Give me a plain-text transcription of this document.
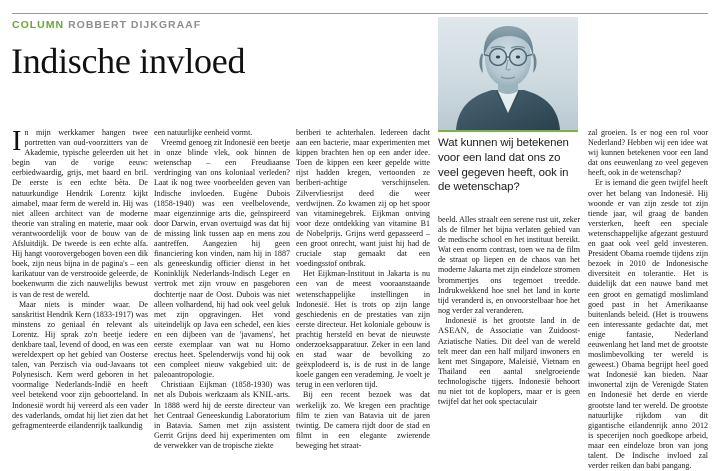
COLUMN ROBBERT DIJKGRAAF
Indische invloed
Wat kunnen wij betekenen voor een land dat ons zo veel gegeven heeft, ook in de wetenschap?

In mijn werkkamer hangen twee portretten van oud-voorzitters van de Akademie, typische geleerden uit het begin van de vorige eeuw: eerbiedwaardig, grijs, met baard en bril. De eerste is een echte bèta. De natuurkundige Hendrik Lorentz kijkt aimabel, maar ferm de wereld in. Hij was niet alleen architect van de moderne theorie van straling en materie, maar ook verantwoordelijk voor de bouw van de Afsluitdijk. De tweede is een echte alfa. Hij hangt voorovergebogen boven een dik boek, zijn neus bijna in de pagina's – een karikatuur van de verstrooide geleerde, de boekenwurm die zich nauwelijks bewust is van de rest de wereld.

Maar niets is minder waar. De sanskritist Hendrik Kern (1833-1917) was minstens zo geniaal én relevant als Lorentz. Hij sprak zo'n beetje iedere denkbare taal, levend of dood, en was een wereldexpert op het gebied van Oosterse talen, van Perzisch via oud-Javaans tot Polynesisch. Kern werd geboren in het voormalige Nederlands-Indië en heeft veel betekend voor zijn geboorteland. In Indonesië wordt hij vereerd als een vader des vaderlands, omdat hij liet zien dat het gefragmenteerde eilandenrijk taalkundig

een natuurlijke eenheid vormt.

Vreemd genoeg zit Indonesië een beetje in onze blinde vlek, ook binnen de wetenschap – een Freudiaanse verdringing van ons koloniaal verleden? Laat ik nog twee voorbeelden geven van Indische invloeden. Eugène Dubois (1858-1940) was een veelbelovende, maar eigenzinnige arts die, geïnspireerd door Darwin, ervan overtuigd was dat hij de missing link tussen aap en mens zou aantreffen. Aangezien hij geen financiering kon vinden, nam hij in 1887 als geneeskundig officier dienst in het Koninklijk Nederlands-Indisch Leger en vertrok met zijn vrouw en pasgeboren dochtertje naar de Oost. Dubois was niet alleen volhardend, hij had ook veel geluk met zijn opgravingen. Het vond uiteindelijk op Java een schedel, een kies en een dijbeen van de 'javamens', het eerste exemplaar van wat nu Homo erectus heet. Spelenderwijs vond hij ook een compleet nieuw vakgebied uit: de paleoantropologie.

Christiaan Eijkman (1858-1930) was net als Dubois werkzaam als KNIL-arts. In 1888 werd hij de eerste directeur van het Centraal Geneeskundig Laboratorium in Batavia. Samen met zijn assistent Gerrit Grijns deed hij experimenten om de verwekker van de tropische ziekte

beriberi te achterhalen. Iedereen dacht aan een bacterie, maar experimenten met kippen brachten hen op een ander idee. Toen de kippen een keer gepelde witte rijst hadden kregen, vertoonden ze beriberi-achtige verschijnselen. Zilvervliesrijst deed die weer verdwijnen. Zo kwamen zij op het spoor van vitaminegebrek. Eijkman ontving voor deze ontdekking van vitamine B1 de Nobelprijs. Grijns werd gepasseerd – een groot onrecht, want juist hij had de cruciale stap gemaakt dat een voedingsstof ontbrak.

Het Eijkman-Instituut in Jakarta is nu een van de meest vooraanstaande wetenschappelijke instellingen in Indonesië. Het is trots op zijn lange geschiedenis en de prestaties van zijn eerste directeur. Het koloniale gebouw is prachtig hersteld en bevat de nieuwste onderzoeksapparatuur. Zeker in een land en stad waar de bevolking zo geëxplodeerd is, is de rust in de lange koele gangen een verademing. Je voelt je terug in een verloren tijd.

Bij een recent bezoek was dat werkelijk zo. We kregen een prachtige film te zien van Batavia uit de jaren twintig. De camera rijdt door de stad en filmt in een elegante zwierende beweging het straat-

beeld. Alles straalt een serene rust uit, zeker als de filmer het bijna verlaten gebied van de medische school en het instituut bereikt. Wat een enorm contrast, toen we na de film de straat op liepen en de chaos van het moderne Jakarta met zijn eindeloze stromen brommertjes ons tegemoet treedde. Indrukwekkend hoe snel het land in korte tijd veranderd is, en onvoorstelbaar hoe het nog verder zal veranderen.

Indonesië is het grootste land in de ASEAN, de Associatie van Zuidoost-Aziatische Naties. Dit deel van de wereld telt meer dan een half miljard inwoners en kent met Singapore, Maleisië, Vietnam en Thailand een aantal snelgroeiende technologische tijgers. Indonesië behoort nu niet tot de koplopers, maar er is geen twijfel dat het ook spectaculair

zal groeien. Is er nog een rol voor Nederland? Hebben wij een idee wat wij kunnen betekenen voor een land dat ons eeuwenlang zo veel gegeven heeft, ook in de wetenschap?

Er is iemand die geen twijfel heeft over het belang van Indonesië. Hij woonde er van zijn zesde tot zijn tiende jaar, wil graag de banden versterken, heeft een speciale wetenschappelijke afgezant gestuurd en gaat ook veel geld investeren. President Obama roemde tijdens zijn bezoek in 2010 de Indonesische diversiteit en tolerantie. Het is duidelijk dat een nauwe band met een groot en gematigd moslimland goed past in het Amerikaanse buitenlands beleid. (Het is trouwens een interessante gedachte dat, met enige fantasie, Nederland eeuwenlang het land met de grootste moslimbevolking ter wereld is geweest.) Obama begrijpt heel goed wat Indonesië kan bieden. Naar inwonertal zijn de Verenigde Staten en Indonesië het derde en vierde grootste land ter wereld. De grootste natuurlijke rijkdom van dit gigantische eilandenrijk anno 2012 is specerijen noch goedkope arbeid, maar een eindeloze bron van jong talent. De Indische invloed zal verder reiken dan babi pangang.
